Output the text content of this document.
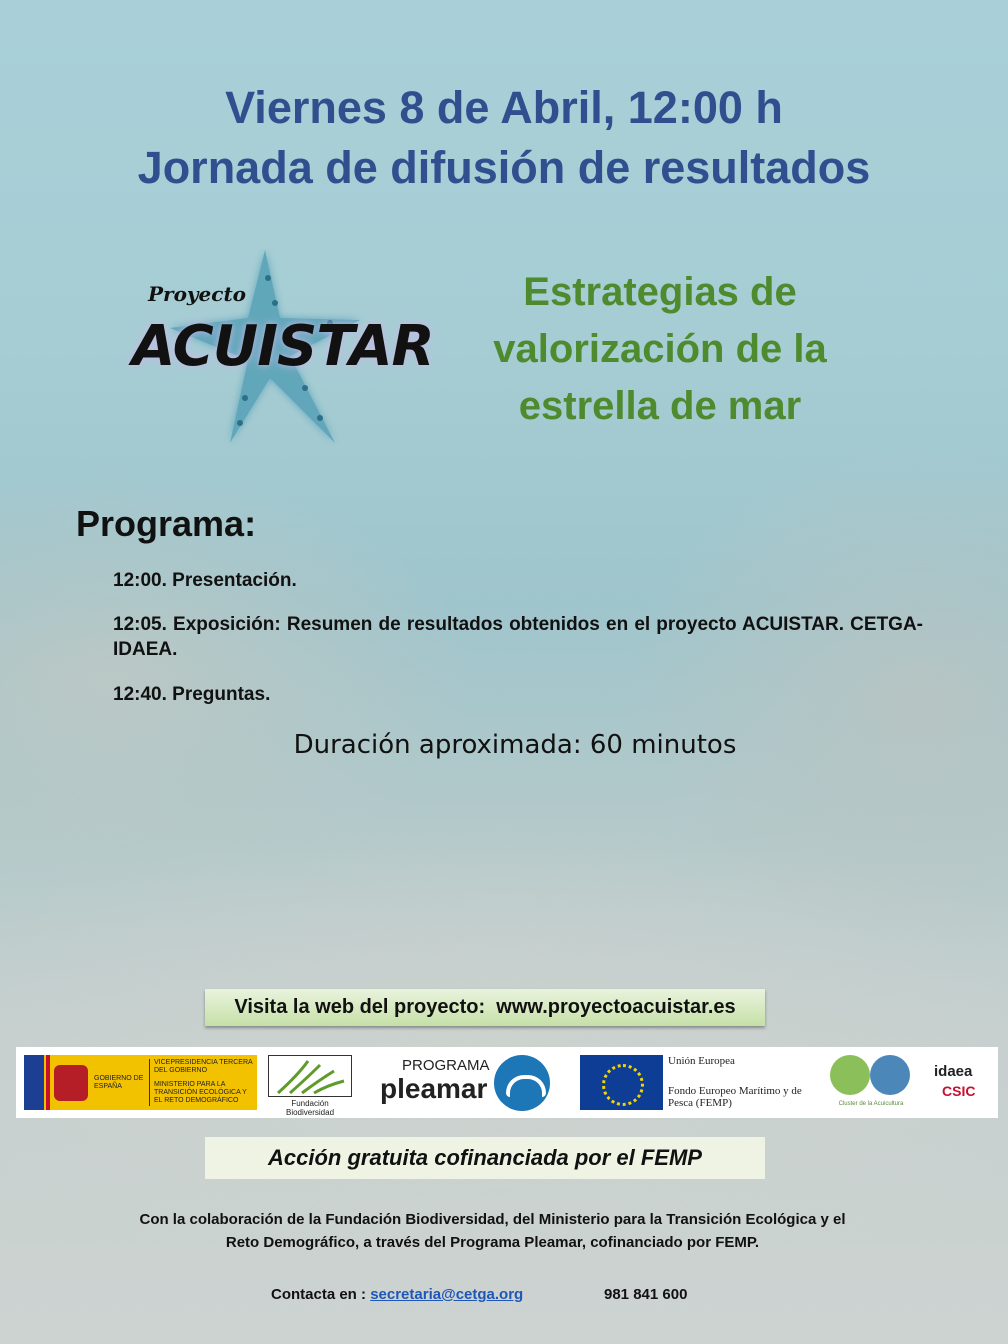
Viernes 8 de Abril, 12:00 h
Jornada de difusión de resultados
Proyecto
ACUISTAR
Estrategias de
valorización de la
estrella de mar
Programa:
12:00. Presentación.
12:05. Exposición: Resumen de resultados obtenidos en el proyecto ACUISTAR. CETGA-IDAEA.
12:40. Preguntas.
Duración aproximada: 60 minutos
Visita la web del proyecto: www.proyectoacuistar.es
GOBIERNO DE ESPAÑA
VICEPRESIDENCIA TERCERA DEL GOBIERNO
MINISTERIO PARA LA TRANSICIÓN ECOLÓGICA Y EL RETO DEMOGRÁFICO	Fundación Biodiversidad
PROGRAMA
pleamar
Unión Europea
Fondo Europeo Marítimo y de Pesca (FEMP)	Cluster de la Acuicultura
idaea
CSIC
Acción gratuita cofinanciada por el FEMP
Con la colaboración de la Fundación Biodiversidad, del Ministerio para la Transición Ecológica y el
Reto Demográfico, a través del Programa Pleamar, cofinanciado por FEMP.
Contacta en : secretaria@cetga.org	981 841 600
